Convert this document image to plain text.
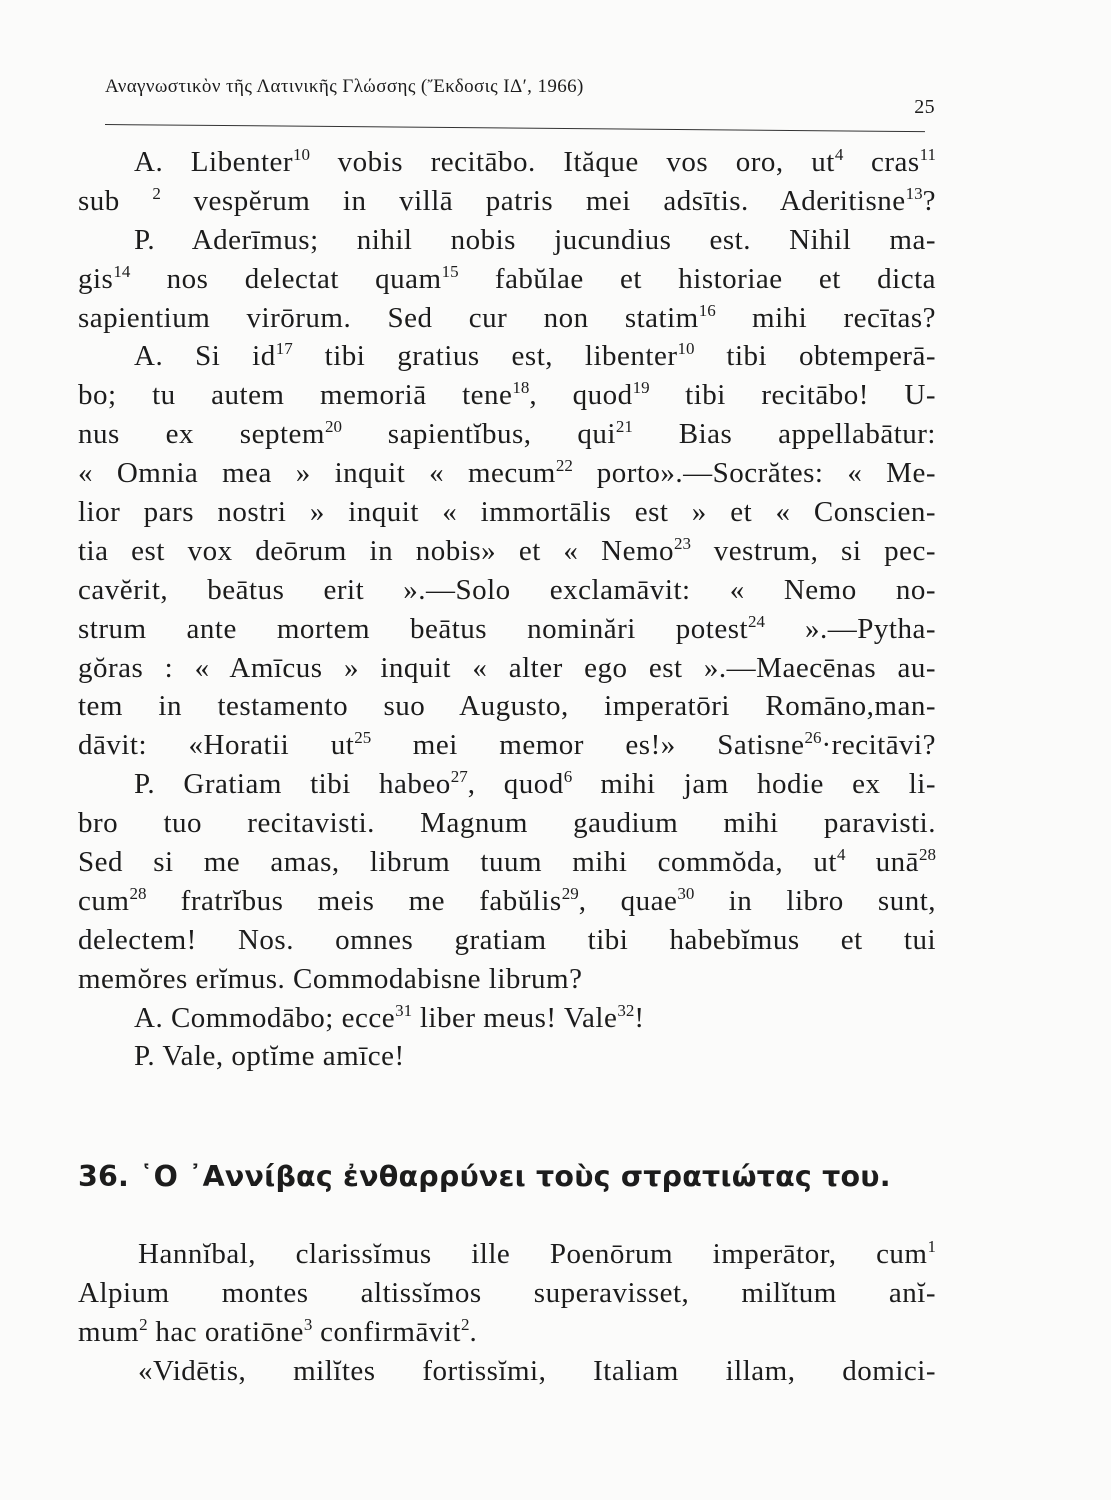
Αναγνωστικὸν τῆς Λατινικῆς Γλώσσης (Ἔκδοσις ΙΔʹ, 1966)
25
A. Libenter$^{10}$ vobis recitābo. Ităque vos oro, $ut^4$ cras$^{11}$
sub $^2$ vespĕrum in villā patris mei adsītis. Aderitisne$^{13}$?
P. Aderīmus; nihil nobis jucundius est. Nihil ma-
gis$^{14}$ nos delectat quam$^{15}$ fabŭlae et historiae et dicta
sapientium virōrum. Sed cur non statim$^{16}$ mihi recītas?
A. Si $id^{17}$ tibi gratius est, libenter$^{10}$ tibi obtemperā-
bo; tu autem memoriā tene$^{18}$, quod$^{19}$ tibi recitābo! U-
nus ex septem$^{20}$ sapientĭbus, qui$^{21}$ Bias appellabātur:
« Omnia mea » inquit « mecum$^{22}$ porto».—Socrătes: « Me-
lior pars nostri » inquit « immortālis est » et « Conscien-
tia est vox deōrum in nobis» et « Nemo$^{23}$ vestrum, si pec-
cavĕrit, beātus erit ».—Solo exclamāvit: « Nemo no-
strum ante mortem beātus nominări potest$^{24}$ ».—Pytha-
gŏras : « Amīcus » inquit « alter ego est ».—Maecēnas au-
tem in testamento suo Augusto, imperatōri Romāno,man-
dāvit: «Horatii $ut^{25}$ mei memor es!» Satisne$^{26}$·recitāvi?
P. Gratiam tibi habeo$^{27}$, quod$^6$ mihi jam hodie ex li-
bro tuo recitavisti. Magnum gaudium mihi paravisti.
Sed si me amas, librum tuum mihi commŏda, $ut^4$ unā$^{28}$
cum$^{28}$ fratrĭbus meis me fabŭlis$^{29}$, quae$^{30}$ in libro sunt,
delectem! Nos. omnes gratiam tibi habebĭmus et tui
memŏres erĭmus. Commodabisne librum?
A. Commodābo; ecce$^{31}$ liber meus! Vale$^{32}$!
P. Vale, optĭme amīce!
36. ῾Ο ᾿Αννίβας ἐνθαρρύνει τοὺς στρατιώτας του.
Hannĭbal, clarissĭmus ille Poenōrum imperātor, cum$^1$
Alpium montes altissĭmos superavisset, milĭtum anĭ-
mum$^2$ hac oratiōne$^3$ confirmāvit$^2$.
«Vidētis, milĭtes fortissĭmi, Italiam illam, domici-
